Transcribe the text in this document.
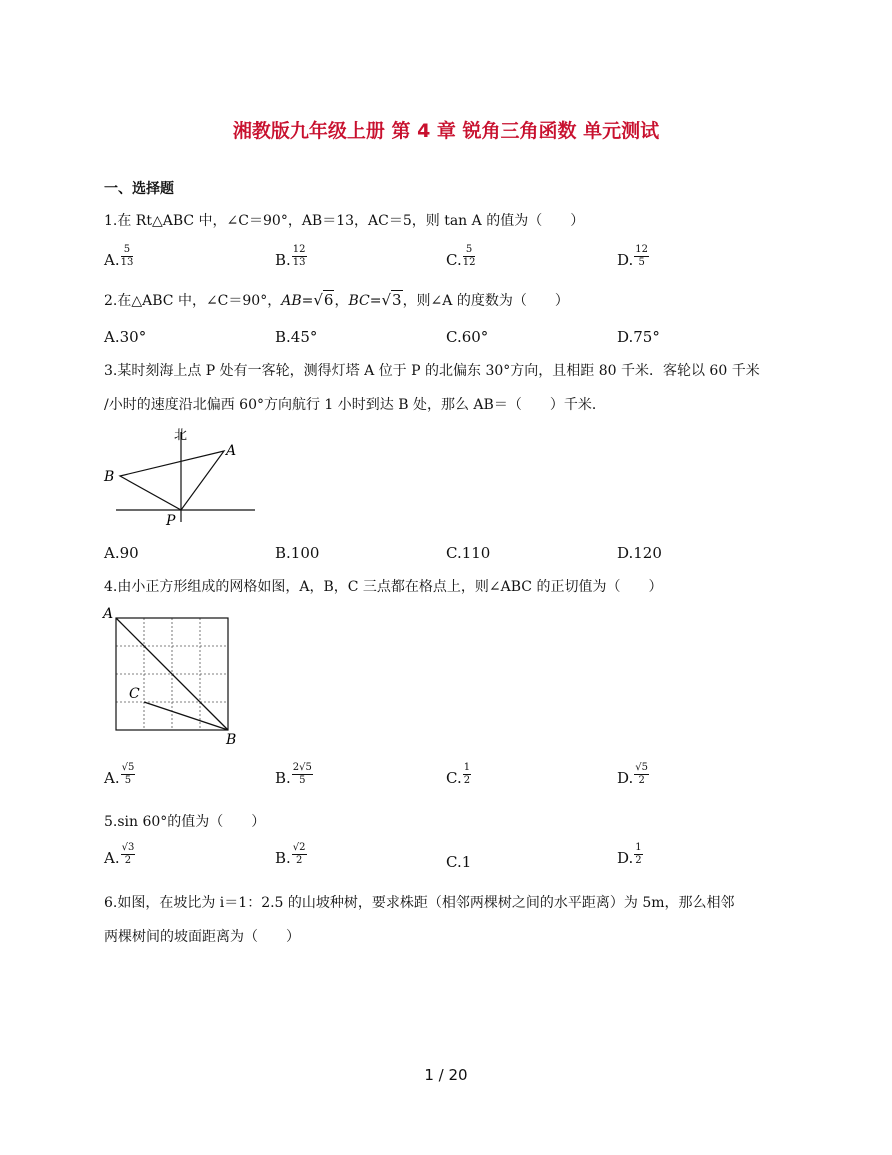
湘教版九年级上册 第 4 章 锐角三角函数 单元测试
一、选择题
1.在 Rt△ABC 中，∠C＝90°，AB＝13，AC＝5，则 tan A 的值为（　　）
A. $\frac{5}{13}$	B. $\frac{12}{13}$	C. $\frac{5}{12}$	D. $\frac{12}{5}$
2.在△ABC 中，∠C＝90°，AB=√6，BC=√3，则∠A 的度数为（　　）
A.30°	B.45°	C.60°	D.75°
3.某时刻海上点 P 处有一客轮，测得灯塔 A 位于 P 的北偏东 30°方向，且相距 80 千米．客轮以 60 千米
/小时的速度沿北偏西 60°方向航行 1 小时到达 B 处，那么 AB＝（　　）千米．
北
A
B
P
A.90	B.100	C.110	D.120
4.由小正方形组成的网格如图，A，B，C 三点都在格点上，则∠ABC 的正切值为（　　）
A
B
C
A. $\frac{√5}{5}$	B. $\frac{2√5}{5}$	C. $\frac{1}{2}$	D. $\frac{√5}{2}$
5.sin 60°的值为（　　）
A. $\frac{√3}{2}$	B. $\frac{√2}{2}$	C.1	D. $\frac{1}{2}$
6.如图，在坡比为 i＝1：2.5 的山坡种树，要求株距（相邻两棵树之间的水平距离）为 5m，那么相邻
两棵树间的坡面距离为（　　）
1 / 20
